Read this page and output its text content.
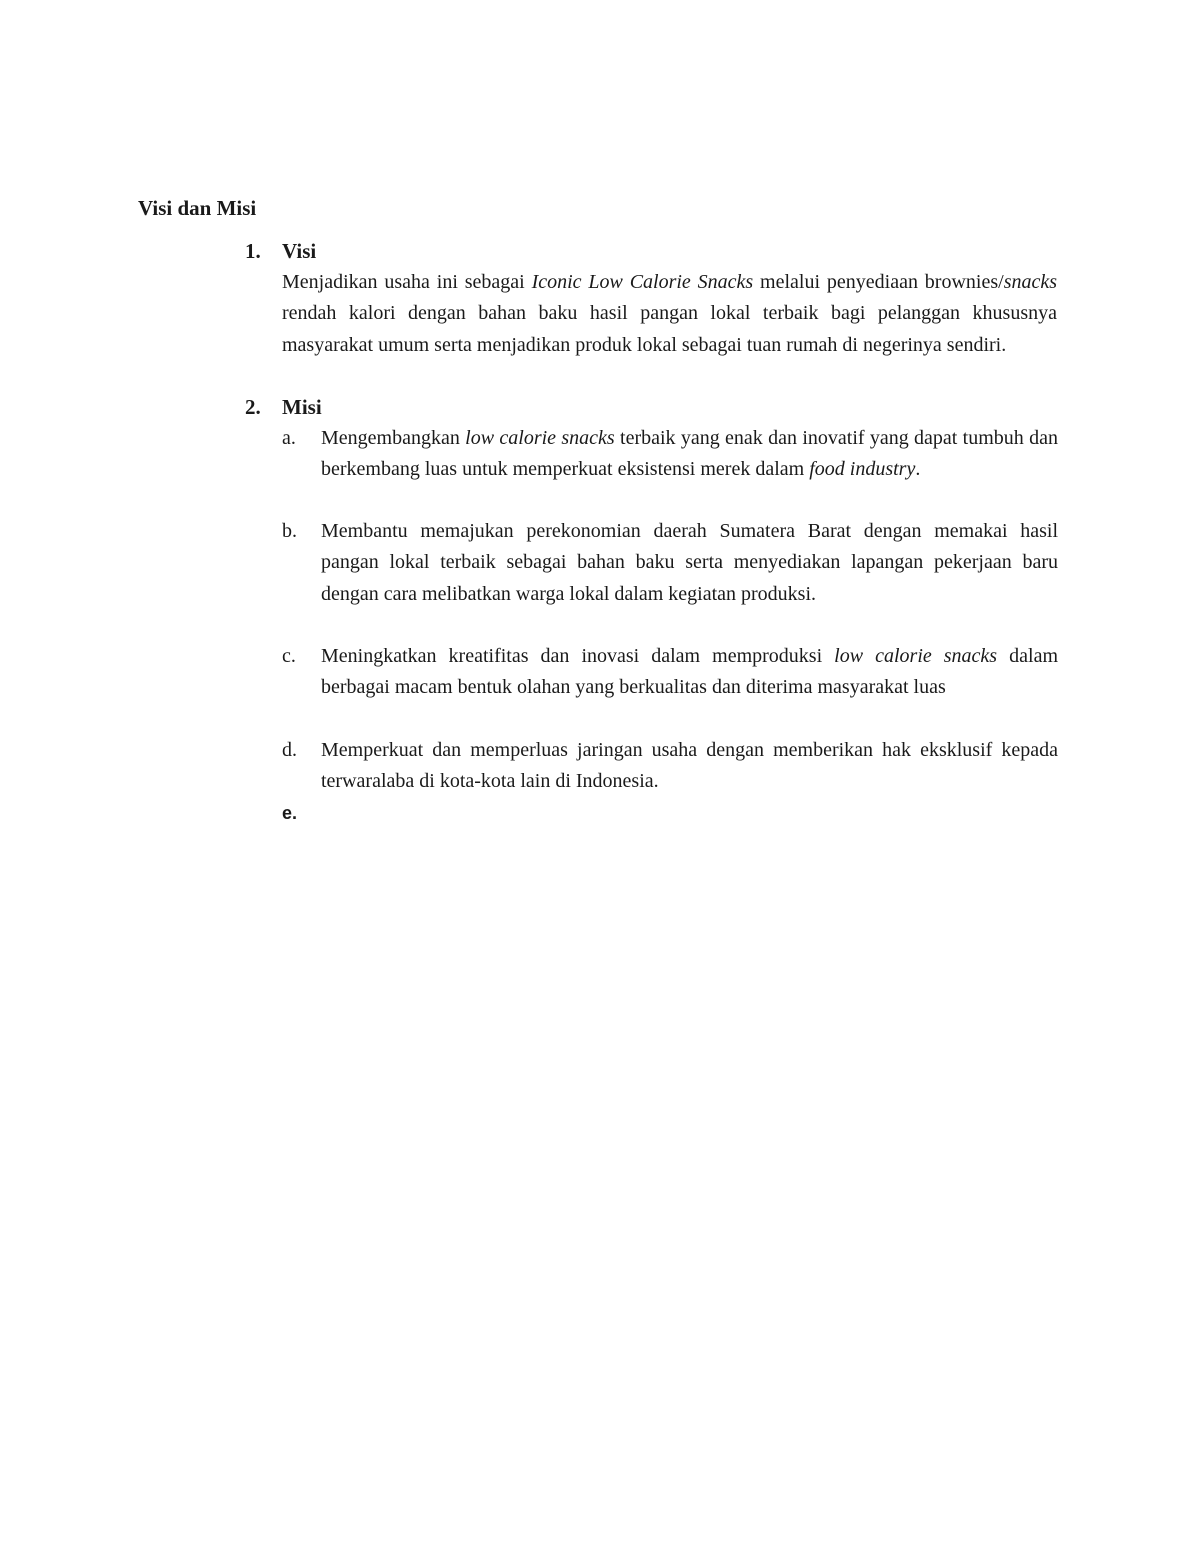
Visi dan Misi
1. Visi

Menjadikan usaha ini sebagai Iconic Low Calorie Snacks melalui penyediaan brownies/snacks rendah kalori dengan bahan baku hasil pangan lokal terbaik bagi pelanggan khususnya masyarakat umum serta menjadikan produk lokal sebagai tuan rumah di negerinya sendiri.

2. Misi
a. Mengembangkan low calorie snacks terbaik yang enak dan inovatif yang dapat tumbuh dan berkembang luas untuk memperkuat eksistensi merek dalam food industry.

b. Membantu memajukan perekonomian daerah Sumatera Barat dengan memakai hasil pangan lokal terbaik sebagai bahan baku serta menyediakan lapangan pekerjaan baru dengan cara melibatkan warga lokal dalam kegiatan produksi.

c. Meningkatkan kreatifitas dan inovasi dalam memproduksi low calorie snacks dalam berbagai macam bentuk olahan yang berkualitas dan diterima masyarakat luas

d. Memperkuat dan memperluas jaringan usaha dengan memberikan hak eksklusif kepada terwaralaba di kota-kota lain di Indonesia.

e.
